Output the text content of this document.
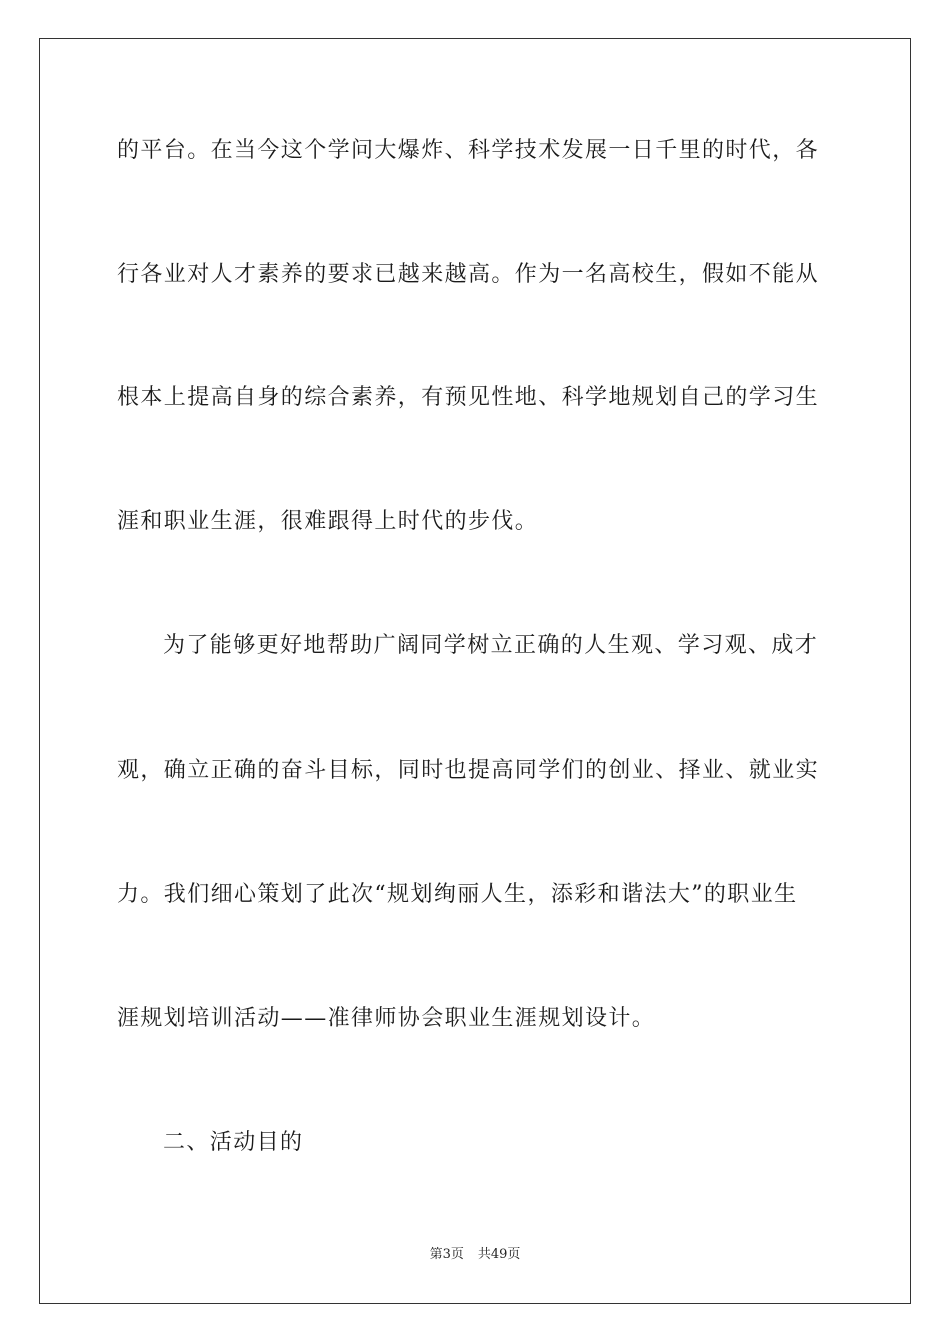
的平台。在当今这个学问大爆炸、科学技术发展一日千里的时代，各
行各业对人才素养的要求已越来越高。作为一名高校生，假如不能从
根本上提高自身的综合素养，有预见性地、科学地规划自己的学习生
涯和职业生涯，很难跟得上时代的步伐。
为了能够更好地帮助广阔同学树立正确的人生观、学习观、成才
观，确立正确的奋斗目标，同时也提高同学们的创业、择业、就业实
力。我们细心策划了此次“规划绚丽人生，添彩和谐法大”的职业生
涯规划培训活动——准律师协会职业生涯规划设计。
二、活动目的
第3页 共49页
